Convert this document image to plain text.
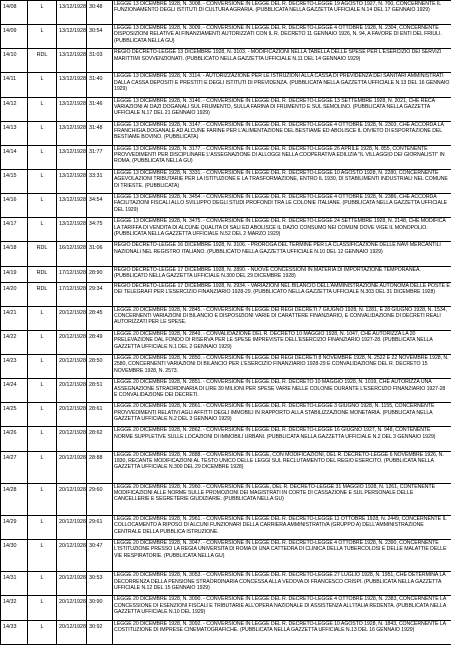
14/08	L	13/12/1928	30:48	LEGGE 13 DICEMBRE 1928, N. 3008. - CONVERSIONE IN LEGGE DEL R. DECRETO-LEGGE 19 AGOSTO 1927, N. 700, CONCERNENTE IL FUNZIONAMENTO DEGLI ISTITUTI DI CULTURA AGRARIA. (PUBBLICATA NELLA GAZZETTA UFFICIALE N.14 DEL 17 GENNAIO 1929)
14/09	L	13/12/1928	30:54	LEGGE 13 DICEMBRE 1928, N. 3009. - CONVERSIONE IN LEGGE DEL R. DECRETO-LEGGE 4 OTTOBRE 1928, N. 2304, CONCERNENTE DISPOSIZIONI RELATIVE AI FINANZIAMENTI AUTORIZZATI CON IL R. DECRETO 11 GENNAIO 1926, N. 94, A FAVORE DI ENTI DEL FRIULI. (PUBBLICATA NELLA GU)
14/10	RDL	13/12/1928	31:03	REGIO DECRETO-LEGGE 13 DICEMBRE 1928, N. 3103. - MODIFICAZIONI NELLA TABELLA DELLE SPESE PER L'ESERCIZIO DEI SERVIZI MARITTIMI SOVVENZIONATI. (PUBBLICATO NELLA GAZZETTA UFFICIALE N.11 DEL 14 GENNAIO 1929)
14/11	L	13/12/1928	31:40	LEGGE 13 DICEMBRE 1928, N. 3114. - AUTORIZZAZIONE PER LE ISTRUZIONI ALLA CASSA DI PREVIDENZA DEI SANITARI AMMINISTRATI DALLA CASSA DEPOSITI E PRESTITI E DEGLI ISTITUTI DI PREVIDENZA. (PUBBLICATA NELLA GAZZETTA UFFICIALE N.13 DEL 16 GENNAIO 1929)
14/12	L	13/12/1928	31:46	LEGGE 13 DICEMBRE 1928, N. 3146. - CONVERSIONE IN LEGGE DEL R. DECRETO-LEGGE 13 SETTEMBRE 1928, N. 2021, CHE RECA VARIAZIONI AI DAZI DOGANALI SUL FRUMENTO, SULLA FARINA DI FRUMENTO E SUL SEMOLINO. (PUBBLICATA NELLA GAZZETTA UFFICIALE N.17 DEL 21 GENNAIO 1929)
14/13	L	13/12/1928	31:48	LEGGE 13 DICEMBRE 1928, N. 3147. - CONVERSIONE IN LEGGE DEL R. DECRETO-LEGGE 4 OTTOBRE 1928, N. 2303, CHE ACCORDA LA FRANCHIGIA DOGANALE AD ALCUNE FARINE PER L'ALIMENTAZIONE DEL BESTIAME ED ABOLISCE IL DIVIETO DI ESPORTAZIONE DEL BESTIAME BOVINO. (PUBBLICATA)
14/14	L	13/12/1928	31:77	LEGGE 13 DICEMBRE 1928, N. 3177. - CONVERSIONE IN LEGGE DEL R. DECRETO-LEGGE 26 APRILE 1928, N. 855, CONTENENTE PROVVEDIMENTI PER DISCIPLINARE L'ASSEGNAZIONE DI ALLOGGI NELLA COOPERATIVA EDILIZIA "IL VILLAGGIO DEI GIORNALISTI" IN ROMA. (PUBBLICATA NELLA GU)
14/15	L	13/12/1928	33:31	LEGGE 13 DICEMBRE 1928, N. 3331. - CONVERSIONE IN LEGGE DEL R. DECRETO-LEGGE 10 AGOSTO 1928, N. 2280, CONCERNENTE AGEVOLAZIONI TRIBUTARIE PER LA ISTITUZIONE E LA TRASFORMAZIONE, ENTRO IL 1930, DI STABILIMENTI INDUSTRIALI NEL COMUNE DI TRIESTE. (PUBBLICATA)
14/16	L	13/12/1928	34:54	LEGGE 13 DICEMBRE 1928, N. 3454. - CONVERSIONE IN LEGGE DEL R. DECRETO-LEGGE 4 OTTOBRE 1928, N. 2386, CHE ACCORDA FACILITAZIONI FISCALI ALLO SVILUPPO DEGLI STUDI PROFONDI TRA LE COLONIE ITALIANE. (PUBBLICATA NELLA GAZZETTA UFFICIALE DEL 1929)
14/17	L	13/12/1928	34:75	LEGGE 13 DICEMBRE 1928, N. 3475. - CONVERSIONE IN LEGGE DEL R. DECRETO-LEGGE 24 SETTEMBRE 1928, N. 2148, CHE MODIFICA LA TARIFFA DI VENDITA DI ALCUNE QUALITA DI SALI ED ABOLISCE IL DAZIO CONSUMO NEI COMUNI DOVE VIGE IL MONOPOLIO. (PUBBLICATA NELLA GAZZETTA UFFICIALE N.52 DEL 2 MARZO 1929)
14/18	RDL	16/12/1928	31:06	REGIO DECRETO-LEGGE 16 DICEMBRE 1928, N. 3106. - PROROGA DEL TERMINE PER LA CLASSIFICAZIONE DELLE NAVI MERCANTILI NAZIONALI NEL REGISTRO ITALIANO. (PUBBLICATO NELLA GAZZETTA UFFICIALE N.10 DEL 12 GENNAIO 1929)
14/19	RDL	17/12/1928	28:90	REGIO DECRETO-LEGGE 17 DICEMBRE 1928, N. 2890. - NUOVE CONCESSIONI IN MATERIA DI IMPORTAZIONE TEMPORANEA. (PUBBLICATO NELLA GAZZETTA UFFICIALE N.300 DEL 29 DICEMBRE 1928)
14/20	RDL	17/12/1928	29:34	REGIO DECRETO-LEGGE 17 DICEMBRE 1928, N. 2934. - VARIAZIONI NEL BILANCIO DELL'AMMINISTRAZIONE AUTONOMA DELLE POSTE E DEI TELEGRAFI PER L'ESERCIZIO FINANZIARIO 1928-29. (PUBBLICATO NELLA GAZZETTA UFFICIALE N.303 DEL 31 DICEMBRE 1928)
14/21	L	20/12/1928	28:45	LEGGE 20 DICEMBRE 1928, N. 2845. - CONVERSIONE IN LEGGE DEI REGI DECRETI 7 GIUGNO 1928, N. 1281, E 28 GIUGNO 1928, N. 1534, CONCERNENTI VARIAZIONI DI BILANCIO E DISPOSIZIONI VARIE DI CARATTERE FINANZIARIO, E CONVALIDAZIONE DI DECRETI REALI AUTORIZZATI PER LE SPESE.
14/22	L	20/12/1928	28:49	LEGGE 20 DICEMBRE 1928, N. 2849. - CONVALIDAZIONE DEL R. DECRETO 10 MAGGIO 1928, N. 1047, CHE AUTORIZZA LA 20 PRELEVAZIONE DAL FONDO DI RISERVA PER LE SPESE IMPREVISTE DELL'ESERCIZIO FINANZIARIO 1927-28. (PUBBLICATA NELLA GAZZETTA UFFICIALE N.1 DEL 2 GENNAIO 1929)
14/23	L	20/12/1928	28:50	LEGGE 20 DICEMBRE 1928, N. 2850. - CONVERSIONE IN LEGGE DEI REGI DECRETI 8 NOVEMBRE 1928, N. 2522 E 22 NOVEMBRE 1928, N. 2580, CONCERNENTI VARIAZIONI DI BILANCIO PER L'ESERCIZIO FINANZIARIO 1928-29 E CONVALIDAZIONE DEL R. DECRETO 15 NOVEMBRE 1928, N. 2573.
14/24	L	20/12/1928	28:51	LEGGE 20 DICEMBRE 1928, N. 2851. - CONVERSIONE IN LEGGE DEL R. DECRETO 10 MAGGIO 1928, N. 1019, CHE AUTORIZZA UNA ASSEGNAZIONE STRAORDINARIA DI LIRE 30 MILIONI PER SPESE VARIE NELLE COLONIE DURANTE L'ESERCIZIO FINANZIARIO 1927-28 E CONVALIDAZIONE DEI DECRETI.
14/25	L	20/12/1928	28:61	LEGGE 20 DICEMBRE 1928, N. 2861. - CONVERSIONE IN LEGGE DEL R. DECRETO-LEGGE 3 GIUGNO 1928, N. 1155, CONCERNENTE PROVVEDIMENTI RELATIVI AGLI AFFITTI DEGLI IMMOBILI IN RAPPORTO ALLA STABILIZZAZIONE MONETARIA. (PUBBLICATA NELLA GAZZETTA UFFICIALE N.2 DEL 3 GENNAIO 1929)
14/26	L	20/12/1928	28:62	LEGGE 20 DICEMBRE 1928, N. 2862. - CONVERSIONE IN LEGGE DEL R. DECRETO-LEGGE 16 GIUGNO 1927, N. 948, CONTENENTE NORME SUPPLETIVE SULLE LOCAZIONI DI IMMOBILI URBANI. (PUBBLICATA NELLA GAZZETTA UFFICIALE N.2 DEL 3 GENNAIO 1929)
14/27	L	20/12/1928	28:88	LEGGE 20 DICEMBRE 1928, N. 2888. - CONVERSIONE IN LEGGE, CON MODIFICAZIONI, DEL R. DECRETO-LEGGE 6 NOVEMBRE 1926, N. 1830, RECANTE MODIFICAZIONI AL TESTO UNICO DELLE LEGGI SUL RECLUTAMENTO DEL REGIO ESERCITO. (PUBBLICATA NELLA GAZZETTA UFFICIALE N.300 DEL 29 DICEMBRE 1928)
14/28	L	20/12/1928	29:60	LEGGE 20 DICEMBRE 1928, N. 2960. - CONVERSIONE IN LEGGE, DEL R. DECRETO-LEGGE 31 MAGGIO 1928, N. 1261, CONTENENTE MODIFICAZIONI ALLE NORME SULLE PROMOZIONI DEI MAGISTRATI IN CORTE DI CASSAZIONE E SUL PERSONALE DELLE CANCELLERIE E SEGRETERIE GIUDIZIARIE. (PUBBLICATA NELLA GU)
14/29	L	20/12/1928	29:61	LEGGE 20 DICEMBRE 1928, N. 2961. - CONVERSIONE IN LEGGE DEL R. DECRETO-LEGGE 11 OTTOBRE 1928, N. 2449, CONCERNENTE IL COLLOCAMENTO A RIPOSO DI ALCUNI FUNZIONARI DELLA CARRIERA AMMINISTRATIVA (GRUPPO A) DELL'AMMINISTRAZIONE CENTRALE DELLA PUBBLICA ISTRUZIONE.
14/30	L	20/12/1928	30:47	LEGGE 20 DICEMBRE 1928, N. 3047. - CONVERSIONE IN LEGGE DEL R. DECRETO-LEGGE 4 OTTOBRE 1928, N. 2390, CONCERNENTE L'ISTITUZIONE PRESSO LA REGIA UNIVERSITA DI ROMA DI UNA CATTEDRA DI CLINICA DELLA TUBERCOLOSI E DELLE MALATTIE DELLE VIE RESPIRATORIE. (PUBBLICATA NELLA GU)
14/31	L	20/12/1928	30:53	LEGGE 20 DICEMBRE 1928, N. 3053. - CONVERSIONE IN LEGGE DEL R. DECRETO-LEGGE 27 LUGLIO 1928, N. 1951, CHE DETERMINA LA DECORRENZA DELLA PENSIONE STRAORDINARIA CONCESSA ALLA VEDOVA DI FRANCESCO CRISPI. (PUBBLICATA NELLA GAZZETTA UFFICIALE N.12 DEL 15 GENNAIO 1929)
14/32	L	20/12/1928	30:90	LEGGE 20 DICEMBRE 1928, N. 3090. - CONVERSIONE IN LEGGE DEL R. DECRETO-LEGGE 4 OTTOBRE 1928, N. 2383, CONCERNENTE LA CONCESSIONE DI ESENZIONI FISCALI E TRIBUTARIE ALL'OPERA NAZIONALE DI ASSISTENZA ALL'ITALIA REDENTA. (PUBBLICATA NELLA GAZZETTA UFFICIALE N.10 DEL 1929)
14/33	L	20/12/1928	30:92	LEGGE 20 DICEMBRE 1928, N. 3092. - CONVERSIONE IN LEGGE DEL R. DECRETO-LEGGE 10 AGOSTO 1928, N. 1843, CONCERNENTE LA COSTITUZIONE DI IMPRESE CINEMATOGRAFICHE. (PUBBLICATA NELLA GAZZETTA UFFICIALE N.13 DEL 16 GENNAIO 1929)
